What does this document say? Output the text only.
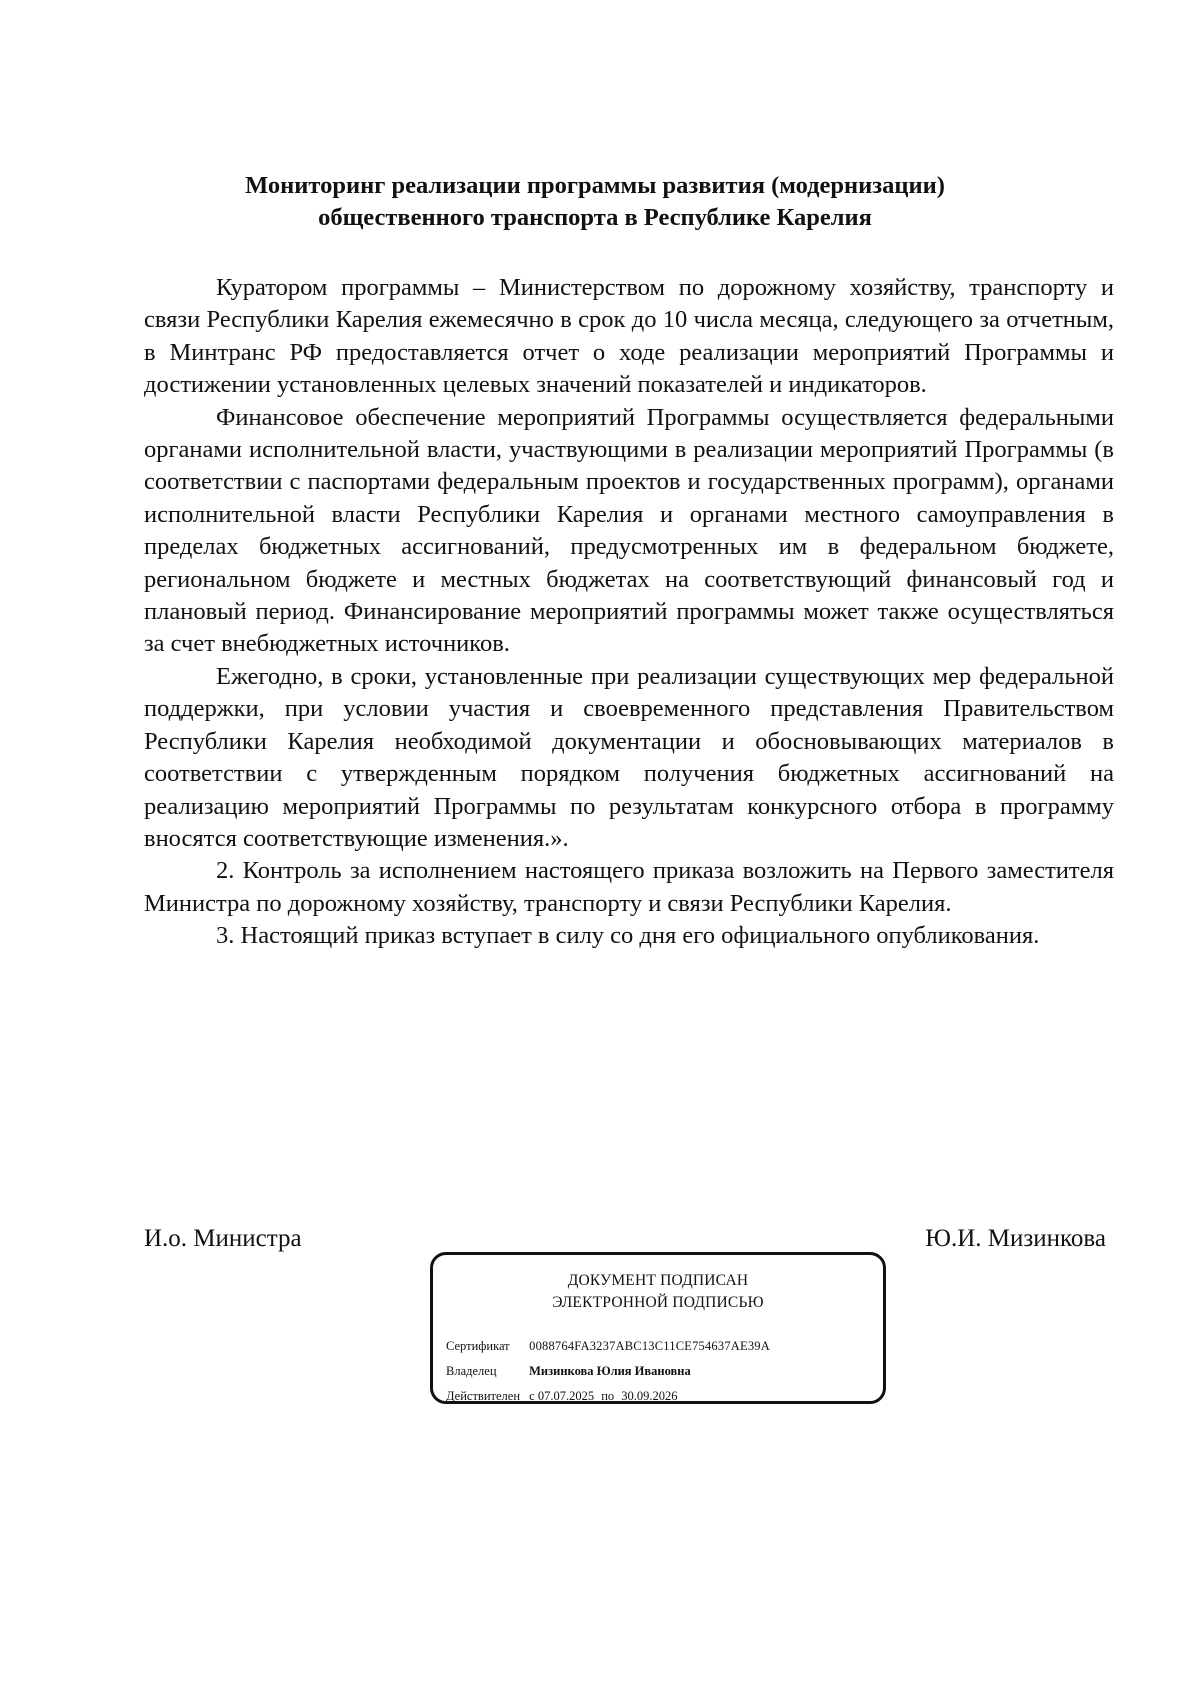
Мониторинг реализации программы развития (модернизации)
общественного транспорта в Республике Карелия

Куратором программы – Министерством по дорожному хозяйству, транспорту и связи Республики Карелия ежемесячно в срок до 10 числа месяца, следующего за отчетным, в Минтранс РФ предоставляется отчет о ходе реализации мероприятий Программы и достижении установленных целевых значений показателей и индикаторов.

Финансовое обеспечение мероприятий Программы осуществляется федеральными органами исполнительной власти, участвующими в реализации мероприятий Программы (в соответствии с паспортами федеральным проектов и государственных программ), органами исполнительной власти Республики Карелия и органами местного самоуправления в пределах бюджетных ассигнований, предусмотренных им в федеральном бюджете, региональном бюджете и местных бюджетах на соответствующий финансовый год и плановый период. Финансирование мероприятий программы может также осуществляться за счет внебюджетных источников.

Ежегодно, в сроки, установленные при реализации существующих мер федеральной поддержки, при условии участия и своевременного представления Правительством Республики Карелия необходимой документации и обосновывающих материалов в соответствии с утвержденным порядком получения бюджетных ассигнований на реализацию мероприятий Программы по результатам конкурсного отбора в программу вносятся соответствующие изменения.».

2. Контроль за исполнением настоящего приказа возложить на Первого заместителя Министра по дорожному хозяйству, транспорту и связи Республики Карелия.

3. Настоящий приказ вступает в силу со дня его официального опубликования.

И.о. Министра	Ю.И. Мизинкова
ДОКУМЕНТ ПОДПИСАН
ЭЛЕКТРОННОЙ ПОДПИСЬЮ
Сертификат 0088764FA3237ABC13C11CE754637AE39A
Владелец	Мизинкова Юлия Ивановна
Действителен с 07.07.2025 по 30.09.2026
